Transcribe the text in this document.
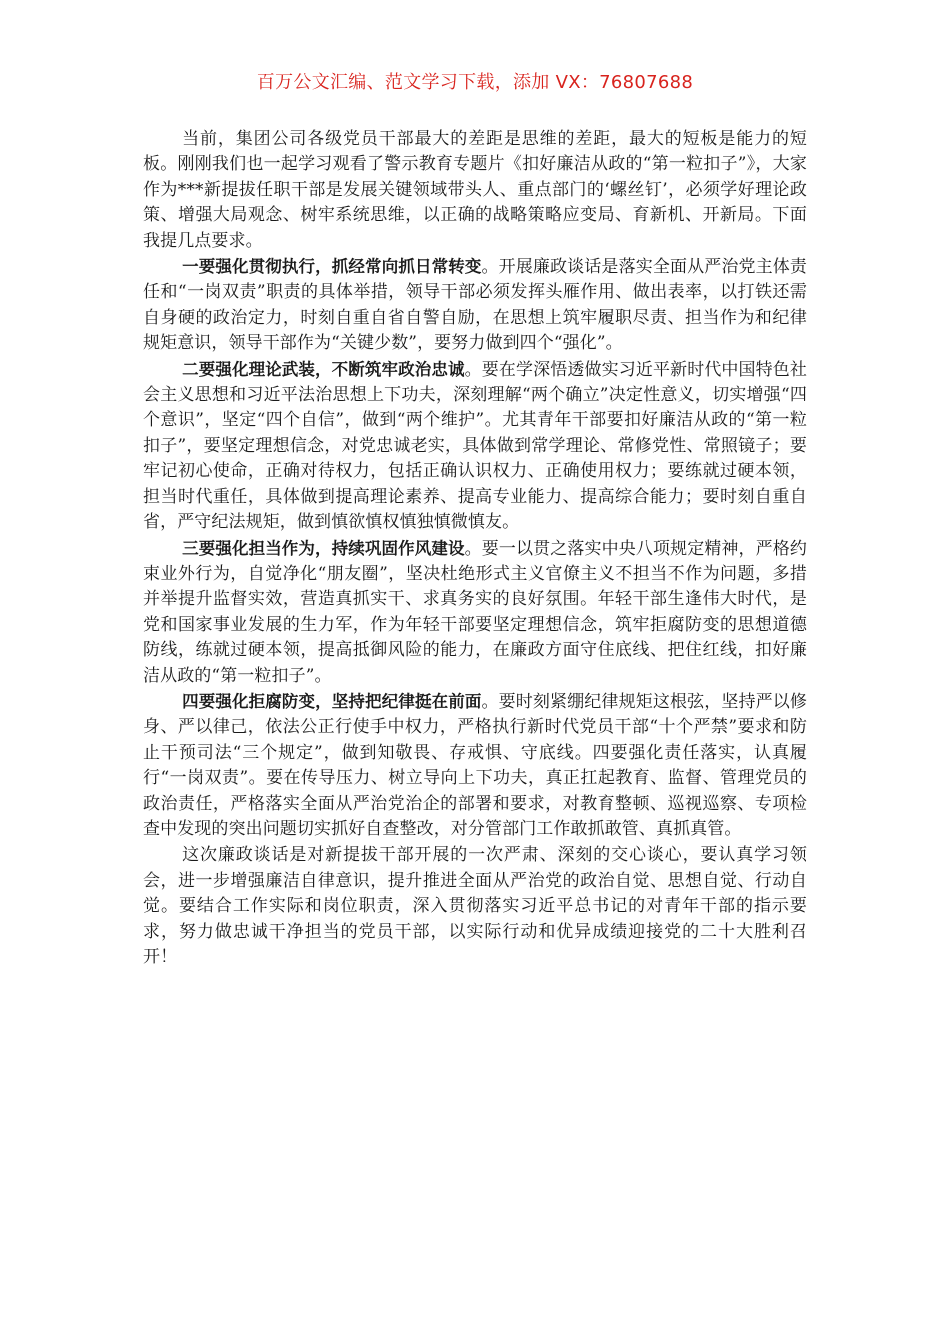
百万公文汇编、范文学习下载，添加 VX：76807688

当前，集团公司各级党员干部最大的差距是思维的差距，最大的短板是能力的短板。刚刚我们也一起学习观看了警示教育专题片《扣好廉洁从政的“第一粒扣子”》，大家作为***新提拔任职干部是发展关键领域带头人、重点部门的‘螺丝钉’，必须学好理论政策、增强大局观念、树牢系统思维，以正确的战略策略应变局、育新机、开新局。下面我提几点要求。

一要强化贯彻执行，抓经常向抓日常转变。开展廉政谈话是落实全面从严治党主体责任和“一岗双责”职责的具体举措，领导干部必须发挥头雁作用、做出表率，以打铁还需自身硬的政治定力，时刻自重自省自警自励，在思想上筑牢履职尽责、担当作为和纪律规矩意识，领导干部作为“关键少数”，要努力做到四个“强化”。

二要强化理论武装，不断筑牢政治忠诚。要在学深悟透做实习近平新时代中国特色社会主义思想和习近平法治思想上下功夫，深刻理解“两个确立”决定性意义，切实增强“四个意识”，坚定“四个自信”，做到“两个维护”。尤其青年干部要扣好廉洁从政的“第一粒扣子”，要坚定理想信念，对党忠诚老实，具体做到常学理论、常修党性、常照镜子；要牢记初心使命，正确对待权力，包括正确认识权力、正确使用权力；要练就过硬本领，担当时代重任，具体做到提高理论素养、提高专业能力、提高综合能力；要时刻自重自省，严守纪法规矩，做到慎欲慎权慎独慎微慎友。

三要强化担当作为，持续巩固作风建设。要一以贯之落实中央八项规定精神，严格约束业外行为，自觉净化“朋友圈”，坚决杜绝形式主义官僚主义不担当不作为问题，多措并举提升监督实效，营造真抓实干、求真务实的良好氛围。年轻干部生逢伟大时代，是党和国家事业发展的生力军，作为年轻干部要坚定理想信念，筑牢拒腐防变的思想道德防线，练就过硬本领，提高抵御风险的能力，在廉政方面守住底线、把住红线，扣好廉洁从政的“第一粒扣子”。

四要强化拒腐防变，坚持把纪律挺在前面。要时刻紧绷纪律规矩这根弦，坚持严以修身、严以律己，依法公正行使手中权力，严格执行新时代党员干部“十个严禁”要求和防止干预司法“三个规定”，做到知敬畏、存戒惧、守底线。四要强化责任落实，认真履行“一岗双责”。要在传导压力、树立导向上下功夫，真正扛起教育、监督、管理党员的政治责任，严格落实全面从严治党治企的部署和要求，对教育整顿、巡视巡察、专项检查中发现的突出问题切实抓好自查整改，对分管部门工作敢抓敢管、真抓真管。

这次廉政谈话是对新提拔干部开展的一次严肃、深刻的交心谈心，要认真学习领会，进一步增强廉洁自律意识，提升推进全面从严治党的政治自觉、思想自觉、行动自觉。要结合工作实际和岗位职责，深入贯彻落实习近平总书记的对青年干部的指示要求，努力做忠诚干净担当的党员干部，以实际行动和优异成绩迎接党的二十大胜利召开！
